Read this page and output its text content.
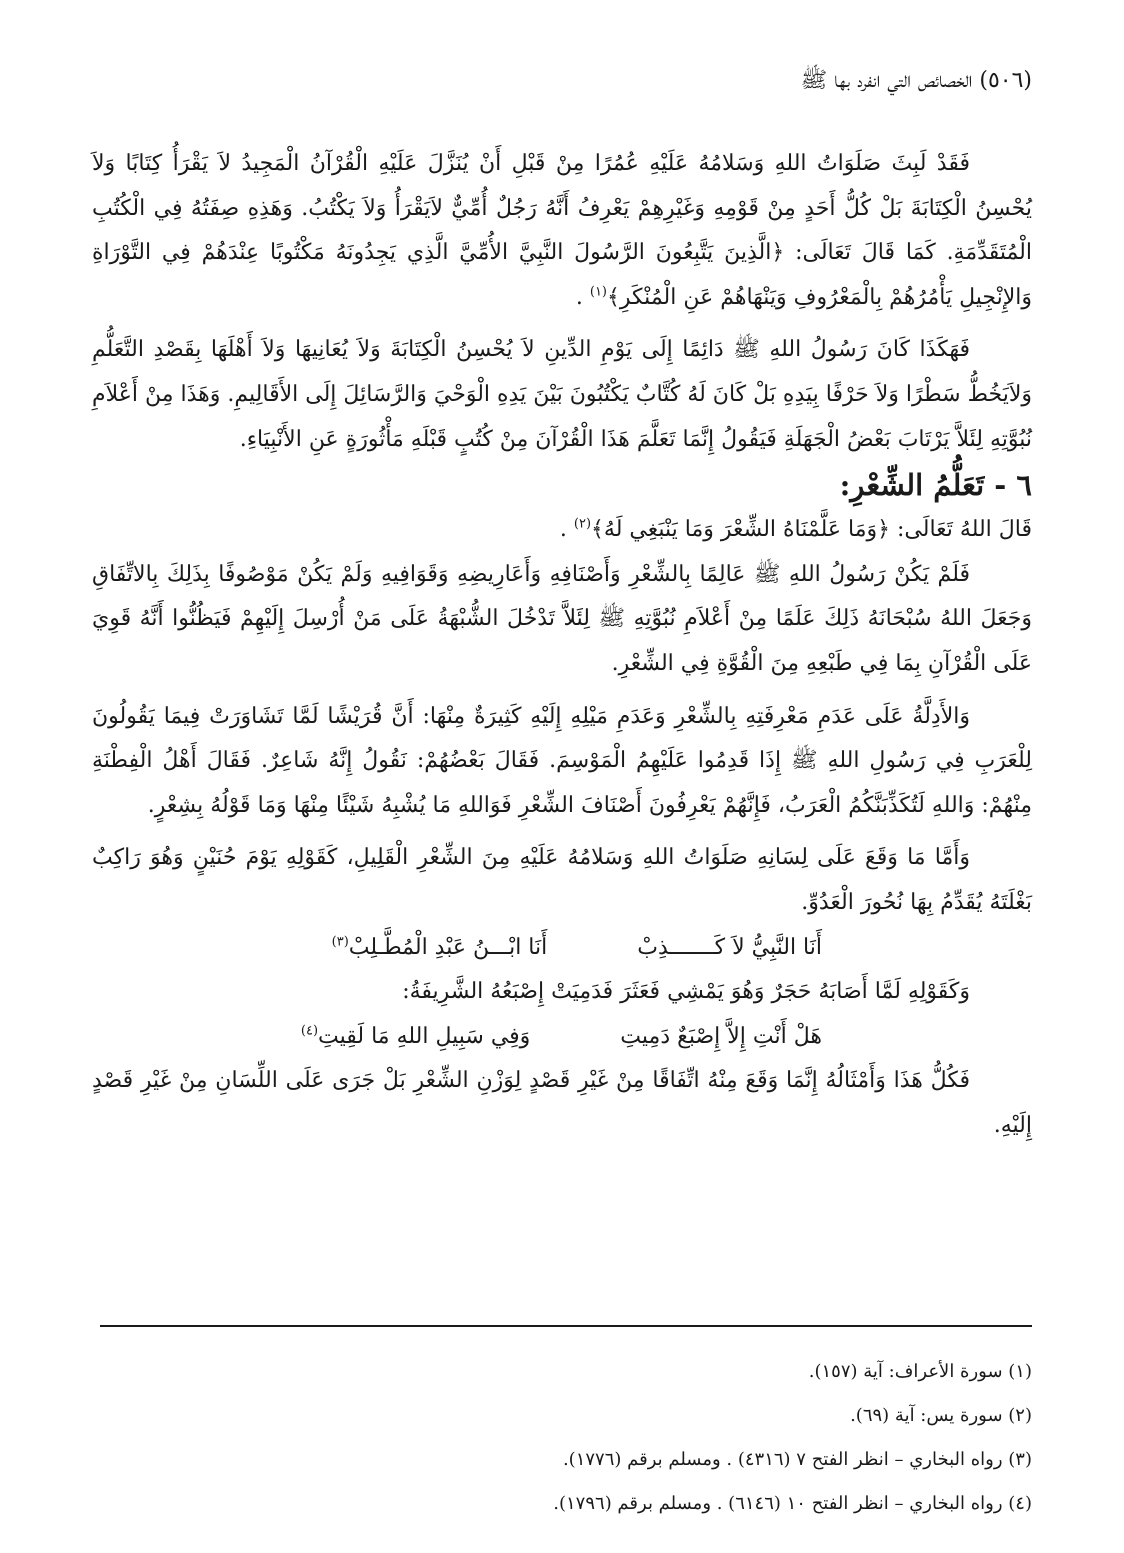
(٥٠٦) الخصائص التي انفرد بها ﷺ

فَقَدْ لَبِثَ صَلَوَاتُ اللهِ وَسَلامُهُ عَلَيْهِ عُمُرًا مِنْ قَبْلِ أَنْ يُنَزَّلَ عَلَيْهِ الْقُرْآنُ الْمَجِيدُ لاَ يَقْرَأُ كِتَابًا وَلاَ يُحْسِنُ الْكِتَابَةَ بَلْ كُلُّ أَحَدٍ مِنْ قَوْمِهِ وَغَيْرِهِمْ يَعْرِفُ أَنَّهُ رَجُلٌ أُمِّيٌّ لاَيَقْرَأُ وَلاَ يَكْتُبُ. وَهَذِهِ صِفَتُهُ فِي الْكُتُبِ الْمُتَقَدِّمَةِ. كَمَا قَالَ تَعَالَى: ﴿الَّذِينَ يَتَّبِعُونَ الرَّسُولَ النَّبِيَّ الأُمِّيَّ الَّذِي يَجِدُونَهُ مَكْتُوبًا عِنْدَهُمْ فِي التَّوْرَاةِ وَالإِنْجِيلِ يَأْمُرُهُمْ بِالْمَعْرُوفِ وَيَنْهَاهُمْ عَنِ الْمُنْكَرِ﴾$^{(١)}$ .

فَهَكَذَا كَانَ رَسُولُ اللهِ ﷺ دَائِمًا إِلَى يَوْمِ الدِّينِ لاَ يُحْسِنُ الْكِتَابَةَ وَلاَ يُعَانِيهَا وَلاَ أَهْلَهَا بِقَصْدِ التَّعَلُّمِ وَلاَيَخُطُّ سَطْرًا وَلاَ حَرْفًا بِيَدِهِ بَلْ كَانَ لَهُ كُتَّابٌ يَكْتُبُونَ بَيْنَ يَدِهِ الْوَحْيَ وَالرَّسَائِلَ إِلَى الأَقَالِيمِ. وَهَذَا مِنْ أَعْلاَمِ نُبُوَّتِهِ لِئَلاَّ يَرْتَابَ بَعْضُ الْجَهَلَةِ فَيَقُولُ إِنَّمَا تَعَلَّمَ هَذَا الْقُرْآنَ مِنْ كُتُبٍ قَبْلَهِ مَأْثُورَةٍ عَنِ الأَنْبِيَاءِ.

٦ - تَعَلُّمُ الشِّعْرِ:

قَالَ اللهُ تَعَالَى: ﴿وَمَا عَلَّمْنَاهُ الشِّعْرَ وَمَا يَنْبَغِي لَهُ﴾$^{(٢)}$ .

فَلَمْ يَكُنْ رَسُولُ اللهِ ﷺ عَالِمًا بِالشِّعْرِ وَأَصْنَافِهِ وَأَعَارِيضِهِ وَقَوَافِيهِ وَلَمْ يَكُنْ مَوْصُوفًا بِذَلِكَ بِالاتِّفَاقِ وَجَعَلَ اللهُ سُبْحَانَهُ ذَلِكَ عَلَمًا مِنْ أَعْلاَمِ نُبُوَّتِهِ ﷺ لِئَلاَّ تَدْخُلَ الشُّبْهَةُ عَلَى مَنْ أُرْسِلَ إِلَيْهِمْ فَيَظُنُّوا أَنَّهُ قَوِيَ عَلَى الْقُرْآنِ بِمَا فِي طَبْعِهِ مِنَ الْقُوَّةِ فِي الشِّعْرِ.

وَالأَدِلَّةُ عَلَى عَدَمِ مَعْرِفَتِهِ بِالشِّعْرِ وَعَدَمِ مَيْلِهِ إِلَيْهِ كَثِيرَةٌ مِنْهَا: أَنَّ قُرَيْشًا لَمَّا تَشَاوَرَتْ فِيمَا يَقُولُونَ لِلْعَرَبِ فِي رَسُولِ اللهِ ﷺ إِذَا قَدِمُوا عَلَيْهِمُ الْمَوْسِمَ. فَقَالَ بَعْضُهُمْ: نَقُولُ إِنَّهُ شَاعِرٌ. فَقَالَ أَهْلُ الْفِطْنَةِ مِنْهُمْ: وَاللهِ لَتُكَذِّبَنَّكُمُ الْعَرَبُ، فَإِنَّهُمْ يَعْرِفُونَ أَصْنَافَ الشِّعْرِ فَوَاللهِ مَا يُشْبِهُ شَيْئًا مِنْهَا وَمَا قَوْلُهُ بِشِعْرٍ.

وَأَمَّا مَا وَقَعَ عَلَى لِسَانِهِ صَلَوَاتُ اللهِ وَسَلامُهُ عَلَيْهِ مِنَ الشِّعْرِ الْقَلِيلِ، كَقَوْلِهِ يَوْمَ حُنَيْنٍ وَهُوَ رَاكِبٌ بَغْلَتَهُ يُقَدِّمُ بِهَا نُحُورَ الْعَدُوِّ.

أَنَا النَّبِيُّ لاَ كَـــــــذِبْ
أَنَا ابْـــنُ عَبْدِ الْمُطَّـلِبْ$^{(٣)}$

وَكَقَوْلِهِ لَمَّا أَصَابَهُ حَجَرٌ وَهُوَ يَمْشِي فَعَثَرَ فَدَمِيَتْ إِصْبَعُهُ الشَّرِيفَةُ:

هَلْ أَنْتِ إِلاَّ إِصْبَعٌ دَمِيتِ
وَفِي سَبِيلِ اللهِ مَا لَقِيتِ$^{(٤)}$

فَكُلُّ هَذَا وَأَمْثَالُهُ إِنَّمَا وَقَعَ مِنْهُ اتِّفَاقًا مِنْ غَيْرِ قَصْدٍ لِوَزْنِ الشِّعْرِ بَلْ جَرَى عَلَى اللِّسَانِ مِنْ غَيْرِ قَصْدٍ إِلَيْهِ.

(١) سورة الأعراف: آية (١٥٧).

(٢) سورة يس: آية (٦٩).

(٣) رواه البخاري – انظر الفتح ٧ (٤٣١٦) . ومسلم برقم (١٧٧٦).

(٤) رواه البخاري – انظر الفتح ١٠ (٦١٤٦) . ومسلم برقم (١٧٩٦).
